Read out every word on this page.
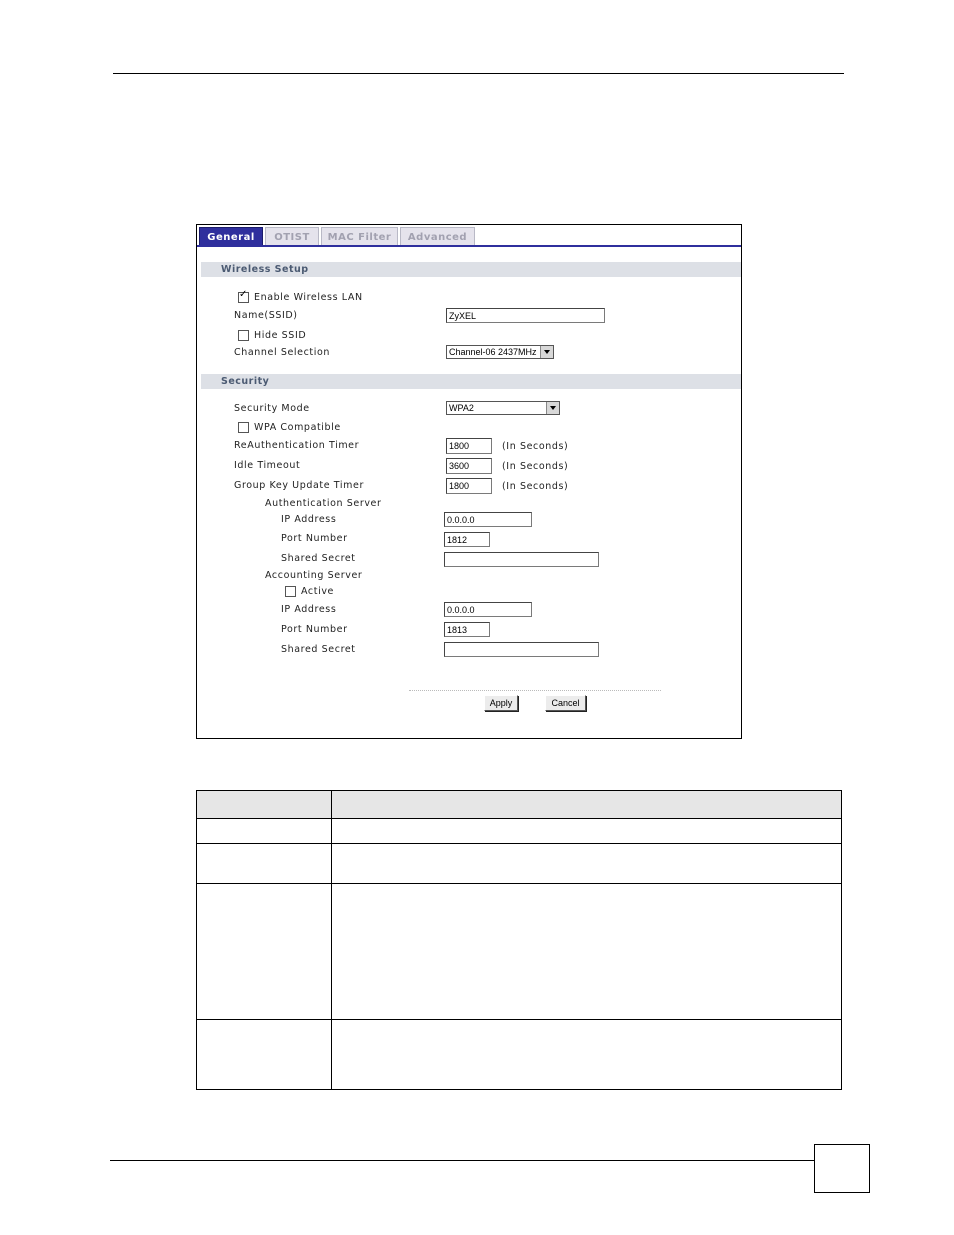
General	OTIST	MAC Filter	Advanced
Wireless Setup
✓
Enable Wireless LAN
Name(SSID)	ZyXEL
Hide SSID
Channel Selection	Channel-06 2437MHz
Security
Security Mode	WPA2
WPA Compatible
ReAuthentication Timer	1800	(In Seconds)
Idle Timeout	3600	(In Seconds)
Group Key Update Timer	1800	(In Seconds)
Authentication Server
IP Address	0.0.0.0
Port Number	1812
Shared Secret
Accounting Server
Active
IP Address	0.0.0.0
Port Number	1813
Shared Secret
Apply	Cancel
